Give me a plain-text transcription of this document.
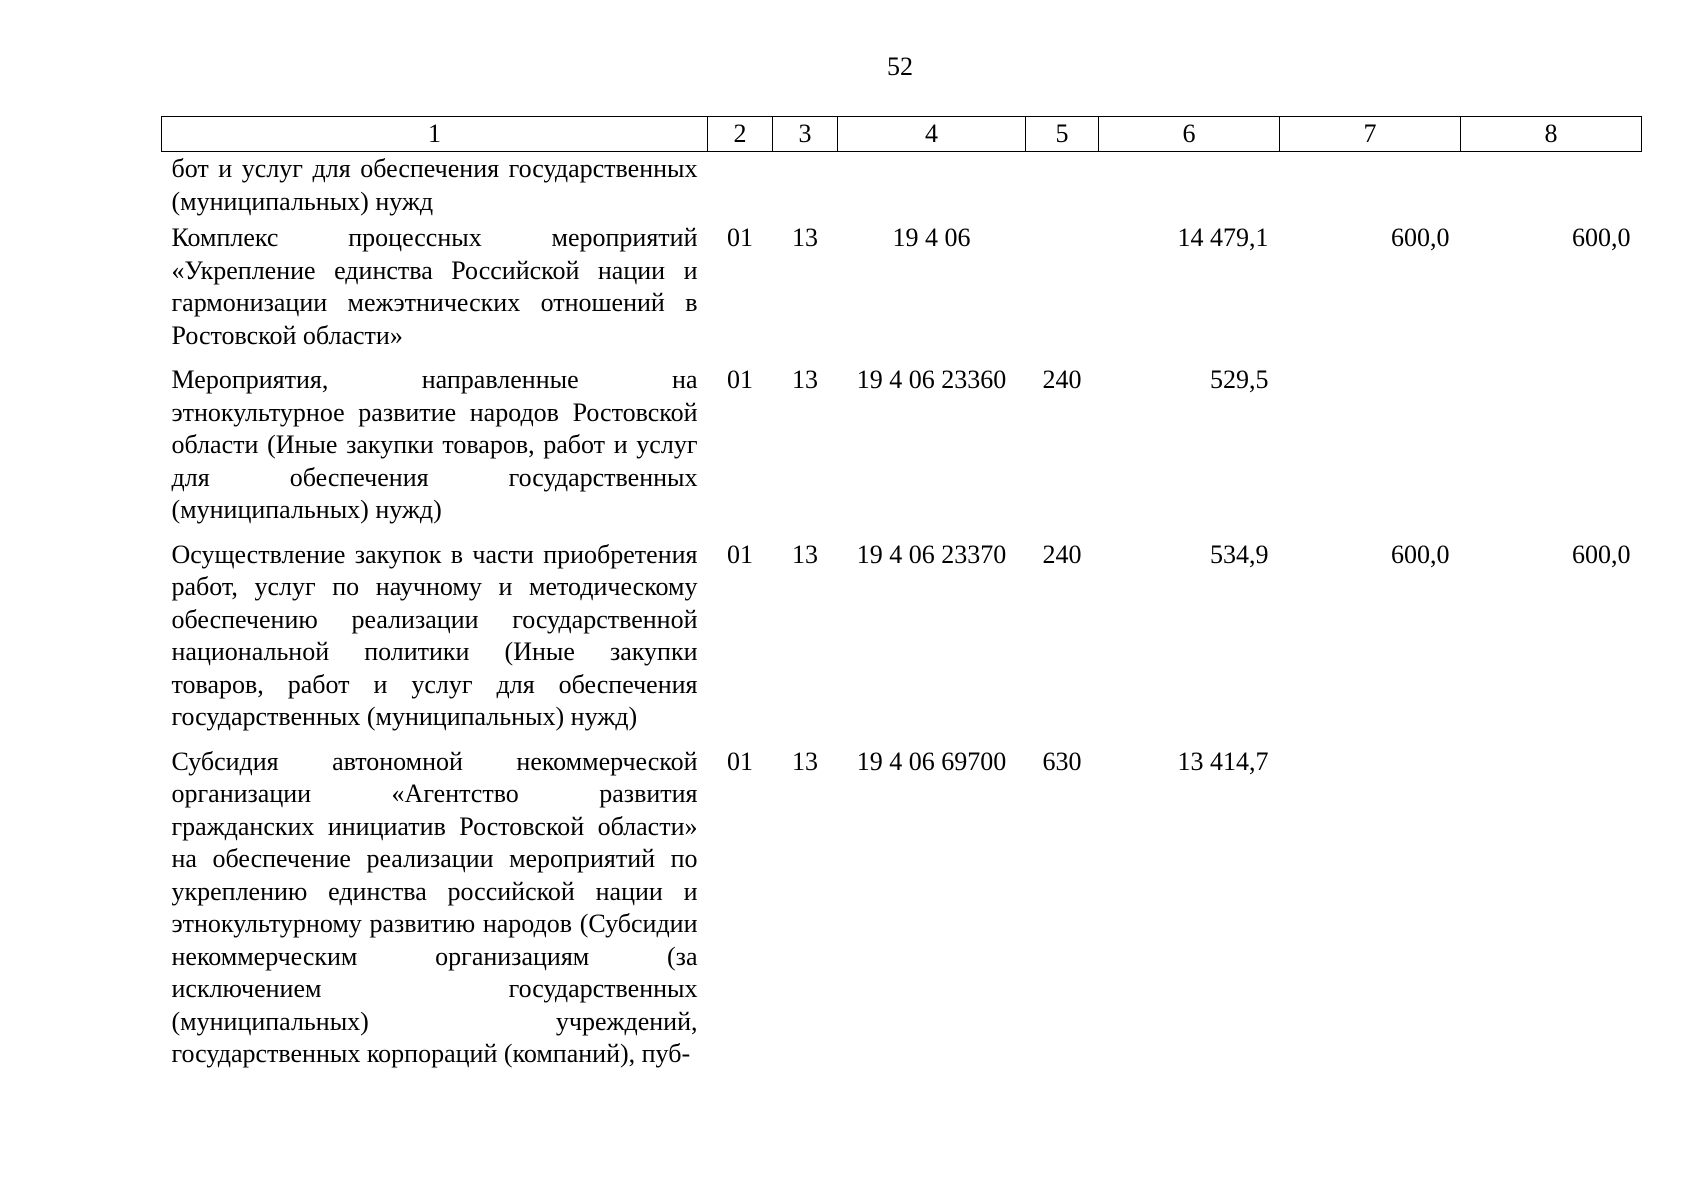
52
1	2	3	4	5	6	7	8
бот и услуг для обеспечения государственных (муниципальных) нужд							
Комплекс процессных мероприятий «Укрепление единства Российской нации и гармонизации межэтнических отношений в Ростовской области»	01	13	19 4 06		14 479,1	600,0	600,0
Мероприятия, направленные на этнокультурное развитие народов Ростовской области (Иные закупки товаров, работ и услуг для обеспечения государственных (муниципальных) нужд)	01	13	19 4 06 23360	240	529,5		
Осуществление закупок в части приобретения работ, услуг по научному и методическому обеспечению реализации государственной национальной политики (Иные закупки товаров, работ и услуг для обеспечения государственных (муниципальных) нужд)	01	13	19 4 06 23370	240	534,9	600,0	600,0
Субсидия автономной некоммерческой организации «Агентство развития гражданских инициатив Ростовской области» на обеспечение реализации мероприятий по укреплению единства российской нации и этнокультурному развитию народов (Субсидии некоммерческим организациям (за исключением государственных (муниципальных) учреждений, государственных корпораций (компаний), пуб-	01	13	19 4 06 69700	630	13 414,7		
